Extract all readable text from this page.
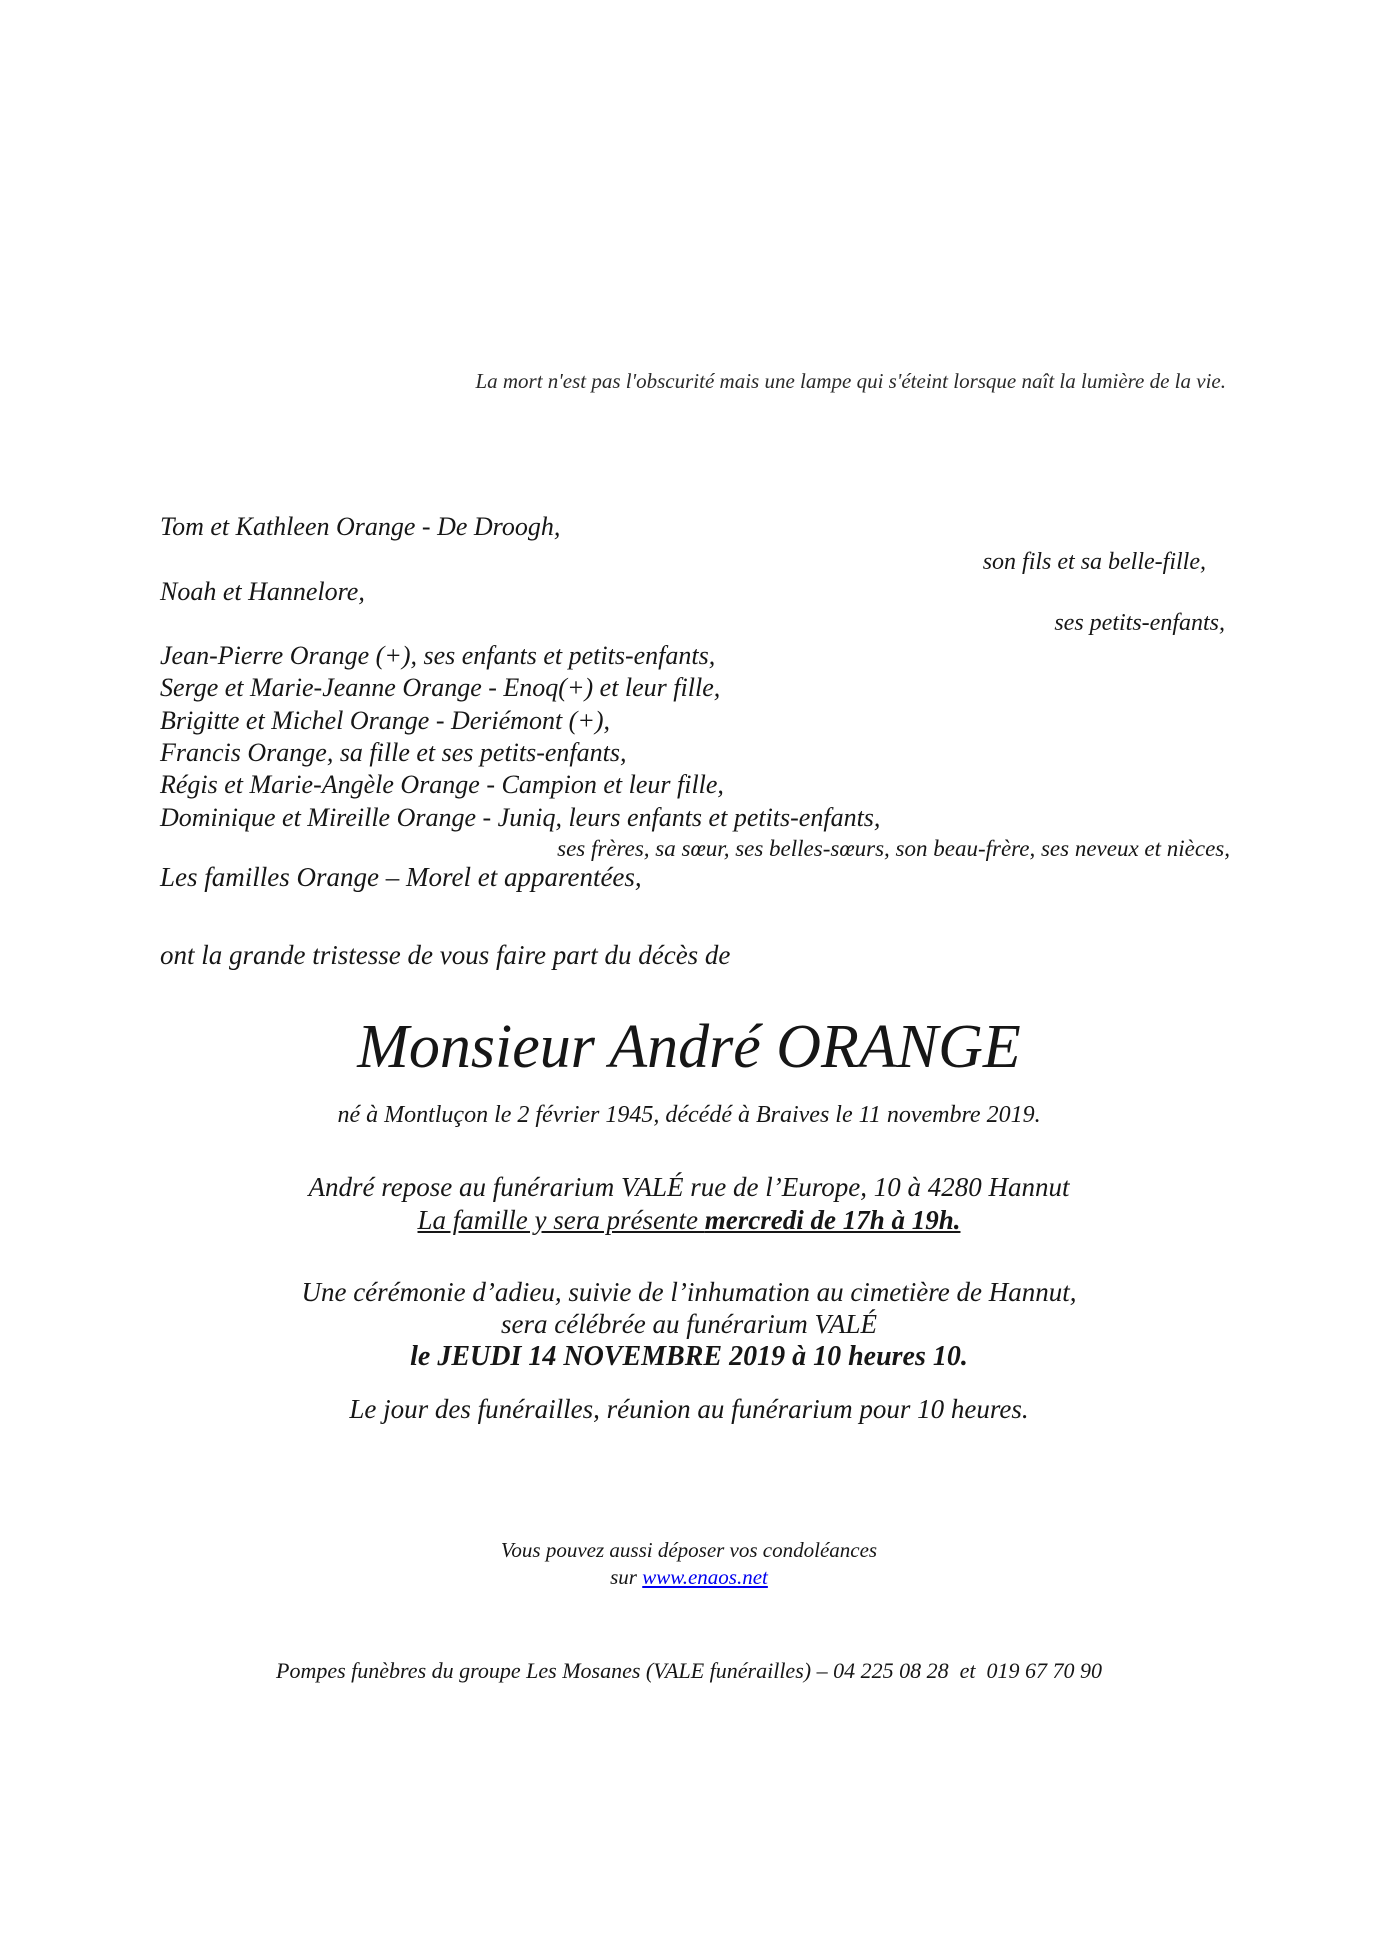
La mort n'est pas l'obscurité mais une lampe qui s'éteint lorsque naît la lumière de la vie.
Tom et Kathleen Orange - De Droogh,
son fils et sa belle-fille,
Noah et Hannelore,
ses petits-enfants,
Jean-Pierre Orange (+), ses enfants et petits-enfants,
Serge et Marie-Jeanne Orange - Enoq(+) et leur fille,
Brigitte et Michel Orange - Deriémont (+),
Francis Orange, sa fille et ses petits-enfants,
Régis et Marie-Angèle Orange - Campion et leur fille,
Dominique et Mireille Orange - Juniq, leurs enfants et petits-enfants,
ses frères, sa sœur, ses belles-sœurs, son beau-frère, ses neveux et nièces,
Les familles Orange – Morel et apparentées,
ont la grande tristesse de vous faire part du décès de
Monsieur André ORANGE
né à Montluçon le 2 février 1945, décédé à Braives le 11 novembre 2019.
André repose au funérarium VALÉ rue de l’Europe, 10 à 4280 Hannut
La famille y sera présente mercredi de 17h à 19h.
Une cérémonie d’adieu, suivie de l’inhumation au cimetière de Hannut,
sera célébrée au funérarium VALÉ
le JEUDI 14 NOVEMBRE 2019 à 10 heures 10.
Le jour des funérailles, réunion au funérarium pour 10 heures.
Vous pouvez aussi déposer vos condoléances
sur www.enaos.net
Pompes funèbres du groupe Les Mosanes (VALE funérailles) – 04 225 08 28  et  019 67 70 90
